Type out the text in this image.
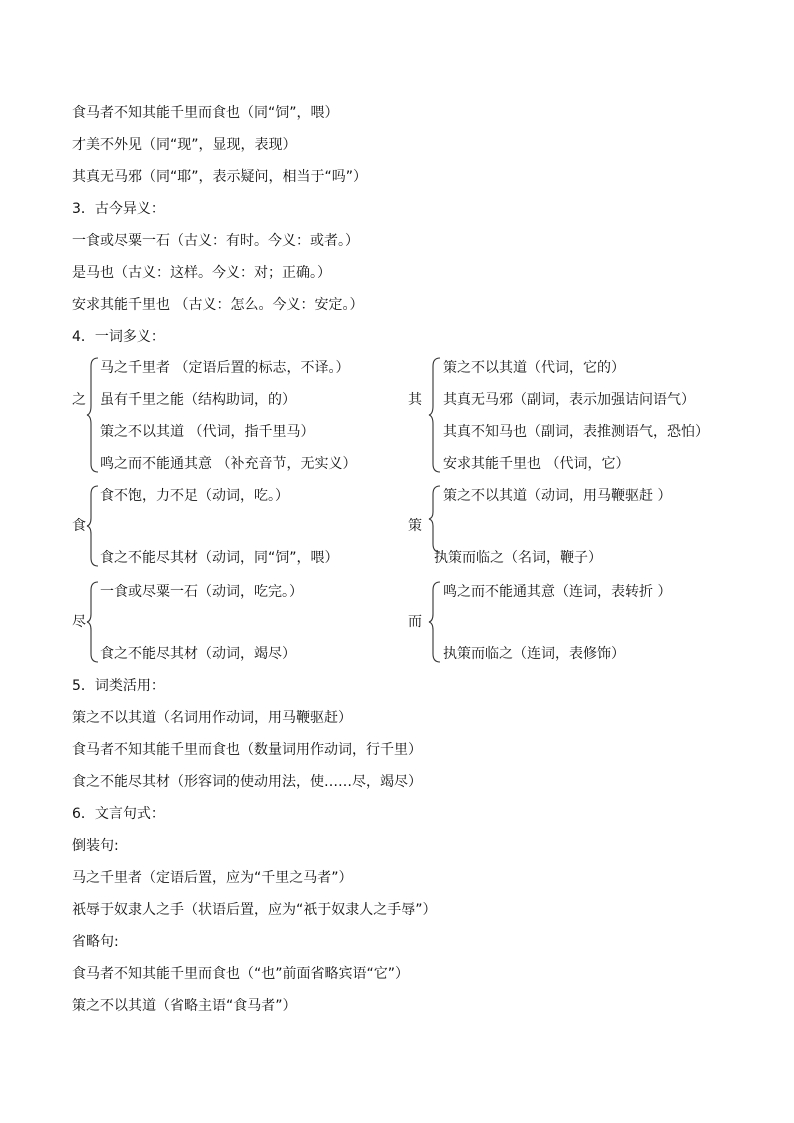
食马者不知其能千里而食也（同“饲”，喂）
才美不外见（同“现”，显现，表现）
其真无马邪（同“耶”，表示疑问，相当于“吗”）
3．古今异义：
一食或尽粟一石（古义：有时。今义：或者。）
是马也（古义：这样。今义：对；正确。）
安求其能千里也 （古义：怎么。今义：安定。）
4．一词多义：
之
马之千里者 （定语后置的标志，不译。）
虽有千里之能（结构助词，的）
策之不以其道 （代词，指千里马）
鸣之而不能通其意 （补充音节，无实义）
其
策之不以其道（代词，它的）
其真无马邪（副词，表示加强诘问语气）
其真不知马也（副词，表推测语气，恐怕）
安求其能千里也 （代词，它）
食
食不饱，力不足（动词，吃。）
食之不能尽其材（动词，同“饲”，喂）
策
策之不以其道（动词，用马鞭驱赶 ）
执策而临之（名词，鞭子）
尽
一食或尽粟一石（动词，吃完。）
食之不能尽其材（动词，竭尽）
而
鸣之而不能通其意（连词，表转折 ）
执策而临之（连词，表修饰）
5．词类活用：
策之不以其道（名词用作动词，用马鞭驱赶）
食马者不知其能千里而食也（数量词用作动词，行千里）
食之不能尽其材（形容词的使动用法，使……尽，竭尽）
6．文言句式：
倒装句:
马之千里者（定语后置，应为“千里之马者”）
祇辱于奴隶人之手（状语后置，应为“祇于奴隶人之手辱”）
省略句:
食马者不知其能千里而食也（“也”前面省略宾语“它”）
策之不以其道（省略主语“食马者”）
